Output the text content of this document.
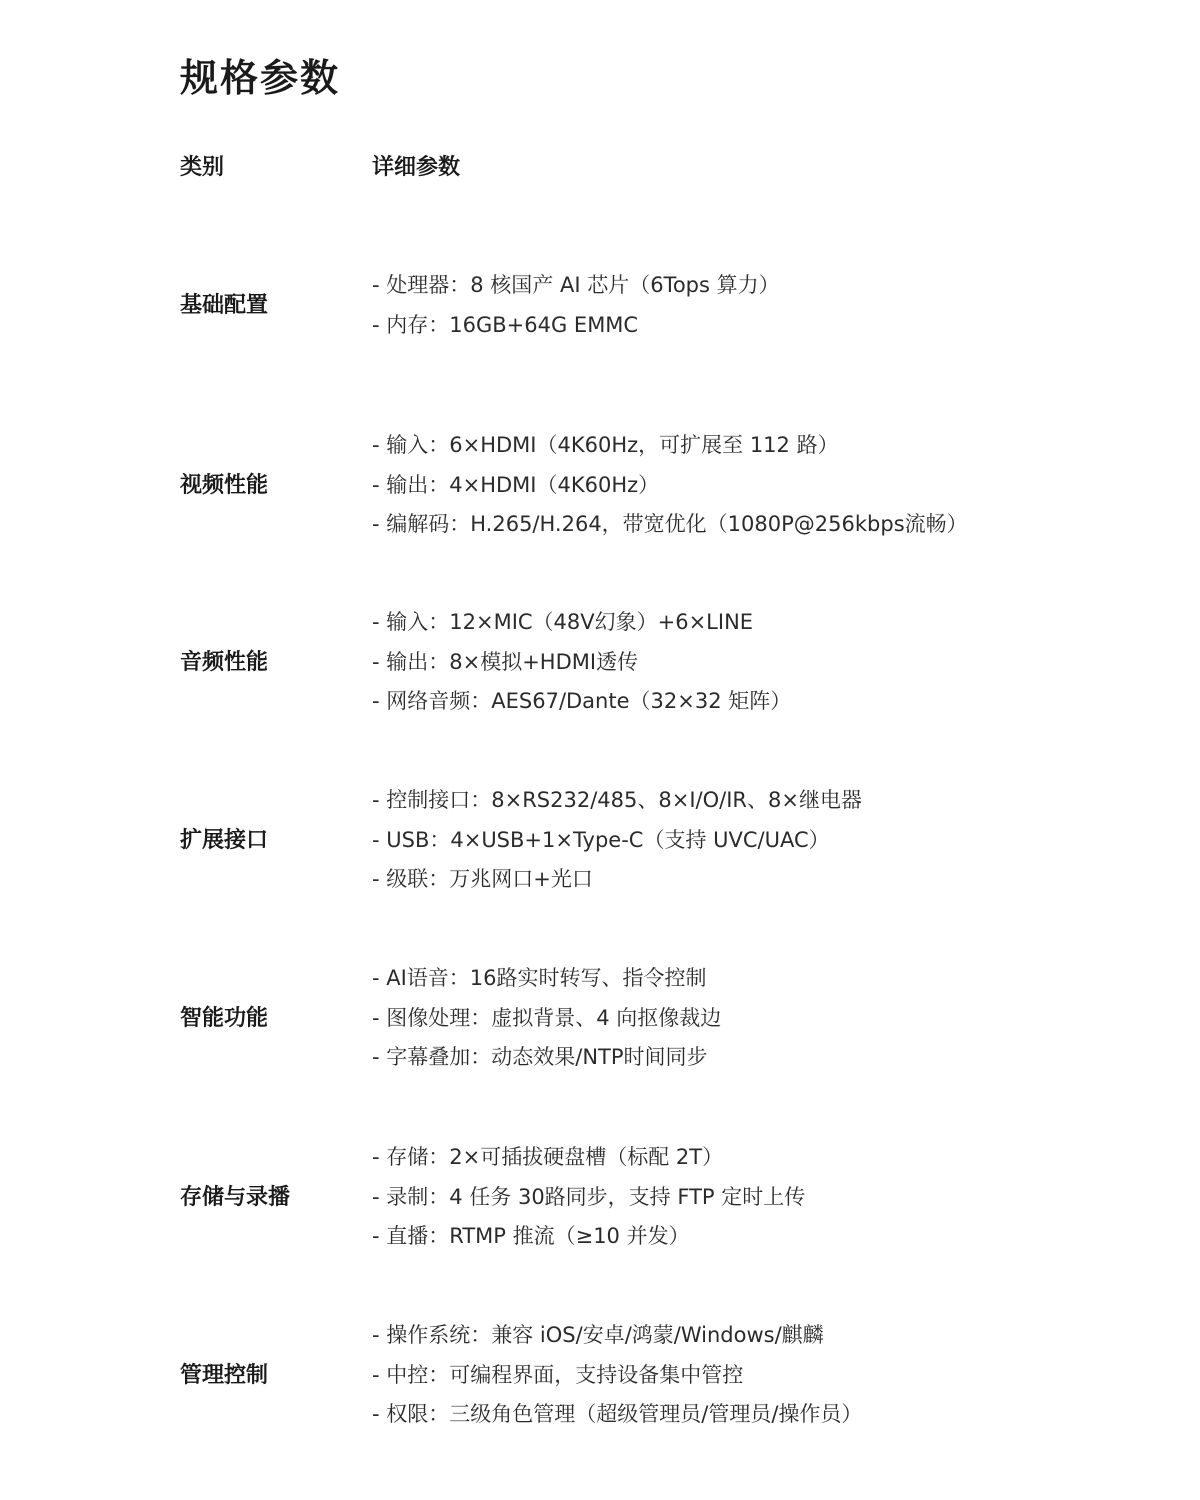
规格参数
类别	详细参数
基础配置
- 处理器：8 核国产 AI 芯片（6Tops 算力）
- 内存：16GB+64G EMMC
视频性能
- 输入：6×HDMI（4K60Hz，可扩展至 112 路）
- 输出：4×HDMI（4K60Hz）
- 编解码：H.265/H.264，带宽优化（1080P@256kbps流畅）
音频性能
- 输入：12×MIC（48V幻象）+6×LINE
- 输出：8×模拟+HDMI透传
- 网络音频：AES67/Dante（32×32 矩阵）
扩展接口
- 控制接口：8×RS232/485、8×I/O/IR、8×继电器
- USB：4×USB+1×Type-C（支持 UVC/UAC）
- 级联：万兆网口+光口
智能功能
- AI语音：16路实时转写、指令控制
- 图像处理：虚拟背景、4 向抠像裁边
- 字幕叠加：动态效果/NTP时间同步
存储与录播
- 存储：2×可插拔硬盘槽（标配 2T）
- 录制：4 任务 30路同步，支持 FTP 定时上传
- 直播：RTMP 推流（≥10 并发）
管理控制
- 操作系统：兼容 iOS/安卓/鸿蒙/Windows/麒麟
- 中控：可编程界面，支持设备集中管控
- 权限：三级角色管理（超级管理员/管理员/操作员）
